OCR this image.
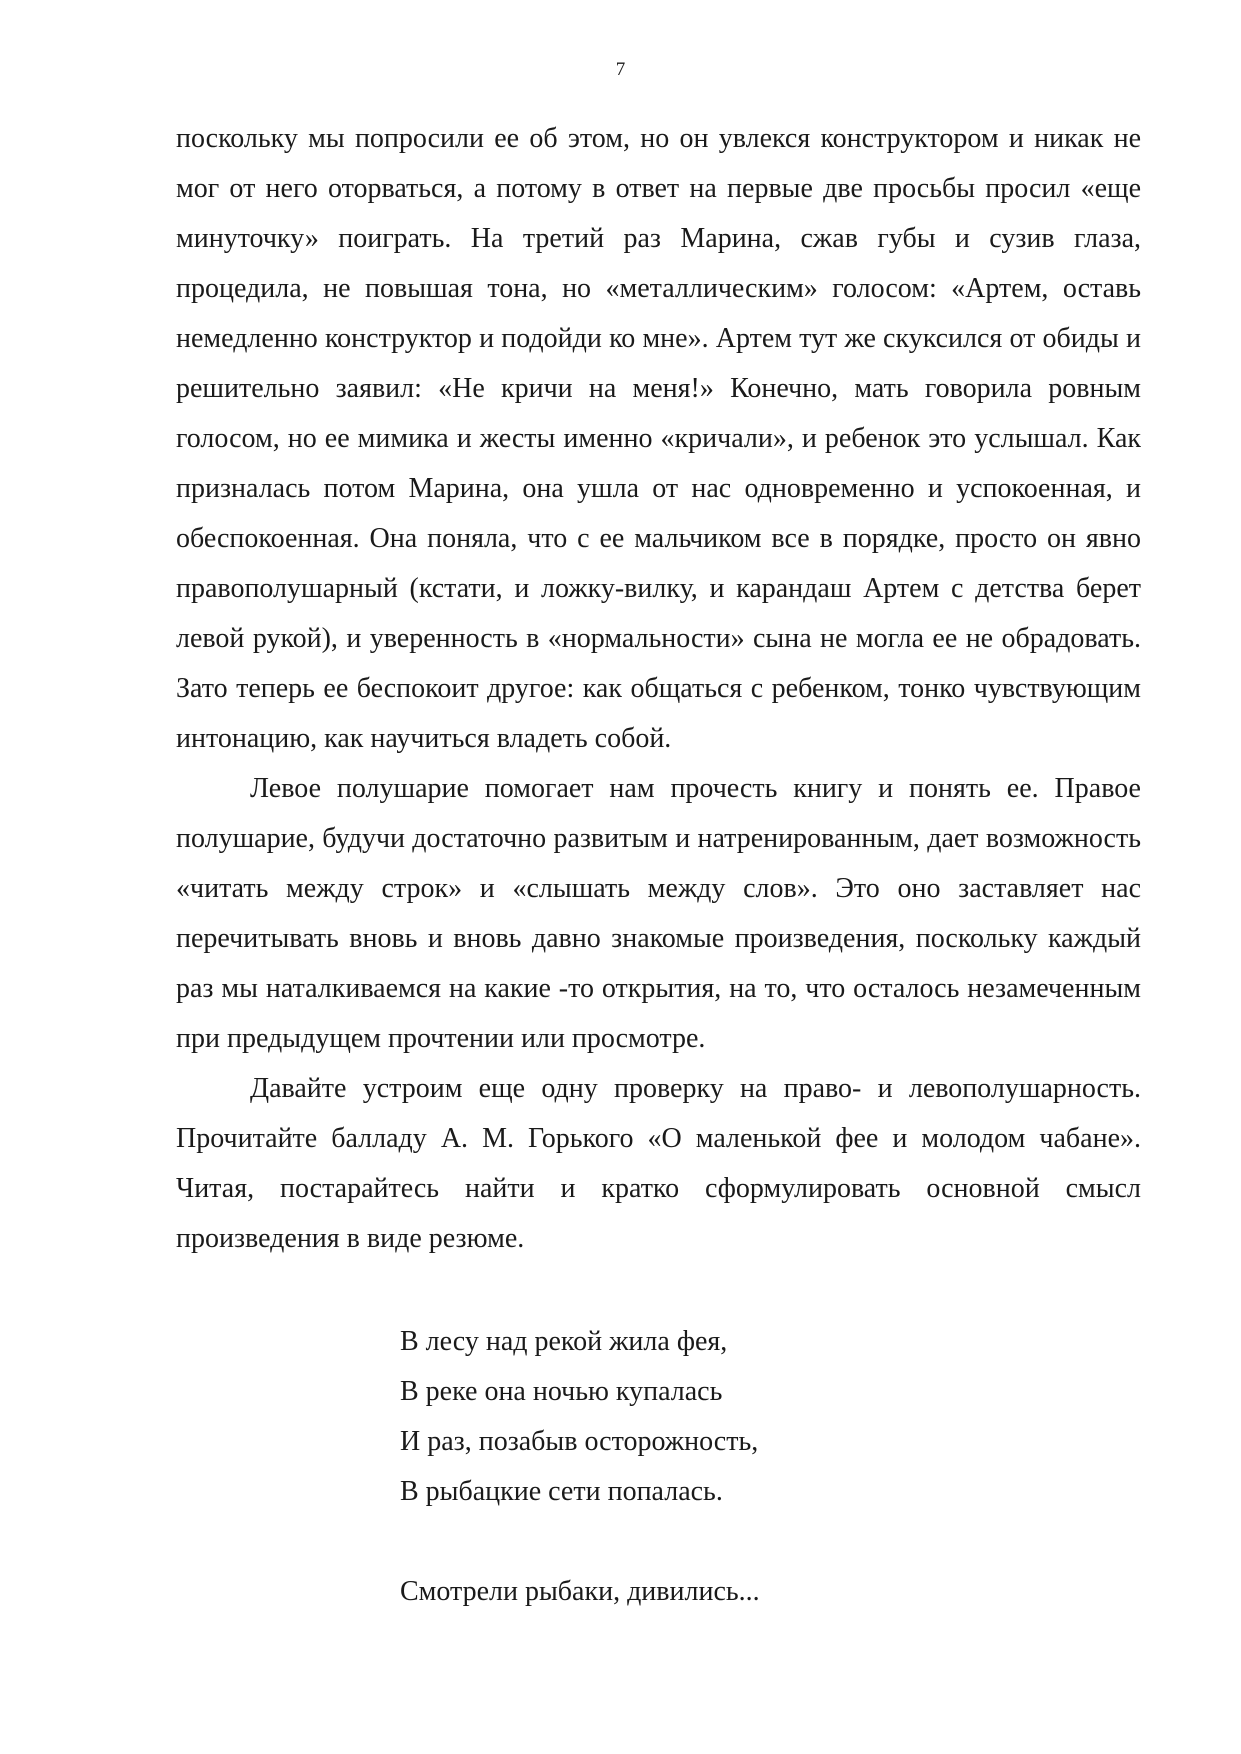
7

поскольку мы попросили ее об этом, но он увлекся конструктором и никак не мог от него оторваться, а потому в ответ на первые две просьбы просил «еще минуточку» поиграть. На третий раз Марина, сжав губы и сузив глаза, процедила, не повышая тона, но «металлическим» голосом: «Артем, оставь немедленно конструктор и подойди ко мне». Артем тут же скуксился от обиды и решительно заявил: «Не кричи на меня!» Конечно, мать говорила ровным голосом, но ее мимика и жесты именно «кричали», и ребенок это услышал. Как призналась потом Марина, она ушла от нас одновременно и успокоенная, и обеспокоенная. Она поняла, что с ее мальчиком все в порядке, просто он явно правополушарный (кстати, и ложку-вилку, и карандаш Артем с детства берет левой рукой), и уверенность в «нормальности» сына не могла ее не обрадовать. Зато теперь ее беспокоит другое: как общаться с ребенком, тонко чувствующим интонацию, как научиться владеть собой.

Левое полушарие помогает нам прочесть книгу и понять ее. Правое полушарие, будучи достаточно развитым и натренированным, дает возможность «читать между строк» и «слышать между слов». Это оно заставляет нас перечитывать вновь и вновь давно знакомые произведения, поскольку каждый раз мы наталкиваемся на какие -то открытия, на то, что осталось незамеченным при предыдущем прочтении или просмотре.

Давайте устроим еще одну проверку на право- и левополушарность. Прочитайте балладу А. М. Горького «О маленькой фее и молодом чабане». Читая, постарайтесь найти и кратко сформулировать основной смысл произведения в виде резюме.

В лесу над рекой жила фея,
В реке она ночью купалась
И раз, позабыв осторожность,
В рыбацкие сети попалась.
Смотрели рыбаки, дивились...
